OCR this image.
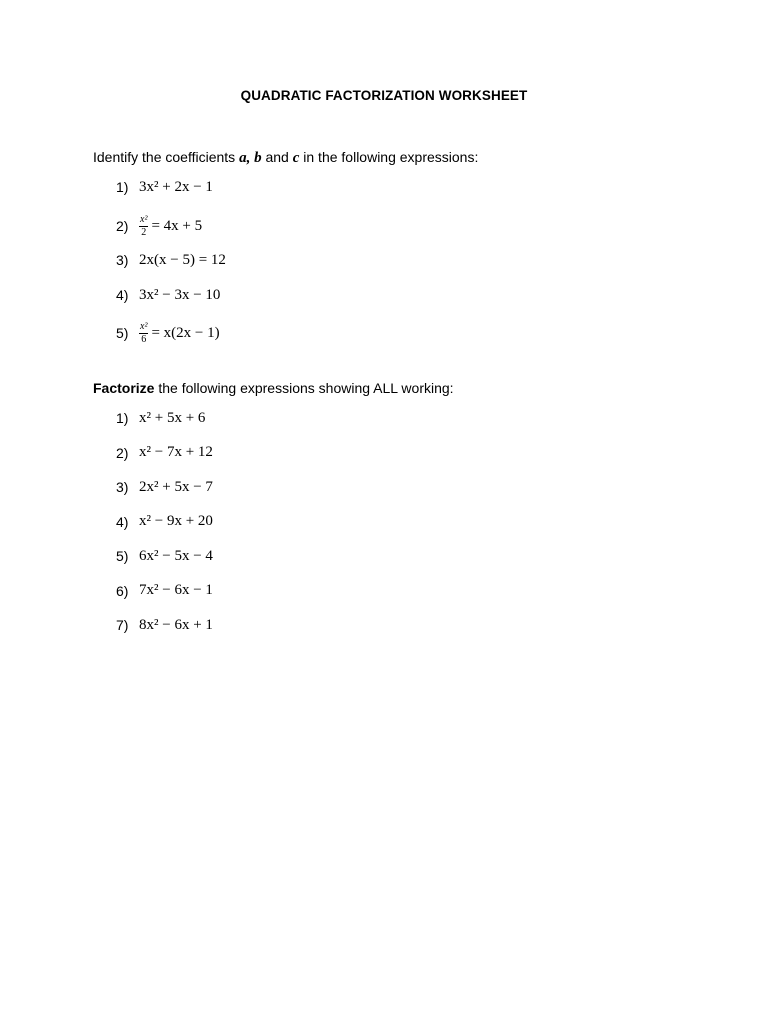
QUADRATIC FACTORIZATION WORKSHEET
Identify the coefficients a, b and c in the following expressions:
1) 3x² + 2x − 1
2)	$\frac{\text{x²}}{2} = 4x + 5$
3) 2x(x − 5) = 12
4) 3x² − 3x − 10
5)	$\frac{\text{x²}}{6} = x(2x - 1)$
Factorize the following expressions showing ALL working:
1) x² + 5x + 6
2) x² − 7x + 12
3) 2x² + 5x − 7
4) x² − 9x + 20
5) 6x² − 5x − 4
6) 7x² − 6x − 1
7) 8x² − 6x + 1
